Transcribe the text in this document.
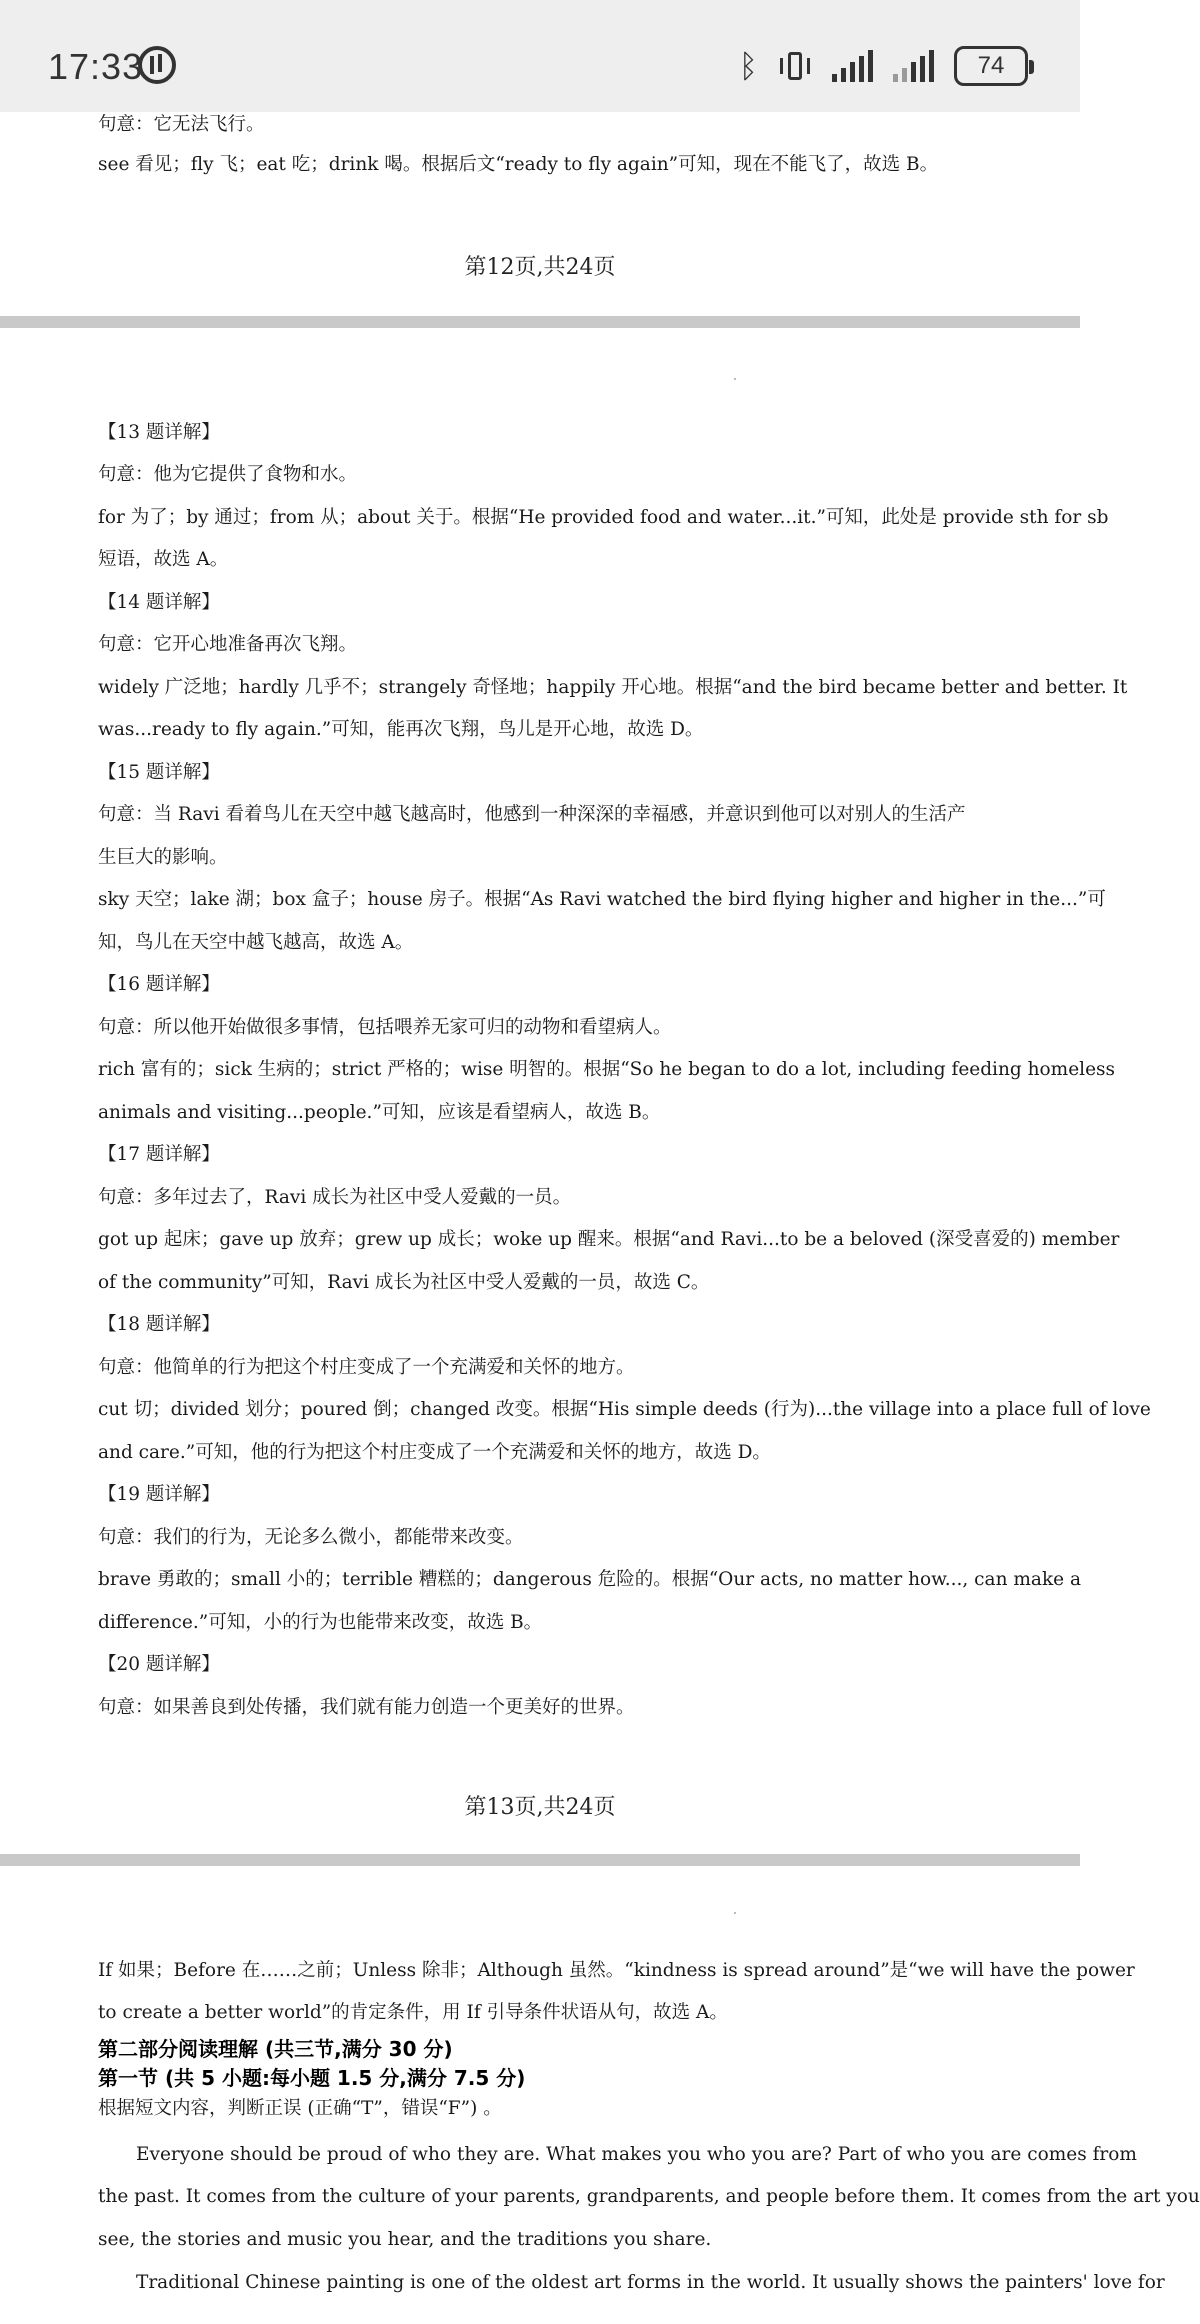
17:33	ᛒ	74
句意：它无法飞行。
see 看见；fly 飞；eat 吃；drink 喝。根据后文“ready to fly again”可知，现在不能飞了，故选 B。
第12页,共24页
【13 题详解】
句意：他为它提供了食物和水。
for 为了；by 通过；from 从；about 关于。根据“He provided food and water...it.”可知，此处是 provide sth for sb
短语，故选 A。
【14 题详解】
句意：它开心地准备再次飞翔。
widely 广泛地；hardly 几乎不；strangely 奇怪地；happily 开心地。根据“and the bird became better and better. It
was...ready to fly again.”可知，能再次飞翔，鸟儿是开心地，故选 D。
【15 题详解】
句意：当 Ravi 看着鸟儿在天空中越飞越高时，他感到一种深深的幸福感，并意识到他可以对别人的生活产
生巨大的影响。
sky 天空；lake 湖；box 盒子；house 房子。根据“As Ravi watched the bird flying higher and higher in the...”可
知，鸟儿在天空中越飞越高，故选 A。
【16 题详解】
句意：所以他开始做很多事情，包括喂养无家可归的动物和看望病人。
rich 富有的；sick 生病的；strict 严格的；wise 明智的。根据“So he began to do a lot, including feeding homeless
animals and visiting...people.”可知，应该是看望病人，故选 B。
【17 题详解】
句意：多年过去了，Ravi 成长为社区中受人爱戴的一员。
got up 起床；gave up 放弃；grew up 成长；woke up 醒来。根据“and Ravi...to be a beloved (深受喜爱的) member
of the community”可知，Ravi 成长为社区中受人爱戴的一员，故选 C。
【18 题详解】
句意：他简单的行为把这个村庄变成了一个充满爱和关怀的地方。
cut 切；divided 划分；poured 倒；changed 改变。根据“His simple deeds (行为)...the village into a place full of love
and care.”可知，他的行为把这个村庄变成了一个充满爱和关怀的地方，故选 D。
【19 题详解】
句意：我们的行为，无论多么微小，都能带来改变。
brave 勇敢的；small 小的；terrible 糟糕的；dangerous 危险的。根据“Our acts, no matter how..., can make a
difference.”可知，小的行为也能带来改变，故选 B。
【20 题详解】
句意：如果善良到处传播，我们就有能力创造一个更美好的世界。
第13页,共24页
If 如果；Before 在……之前；Unless 除非；Although 虽然。“kindness is spread around”是“we will have the power
to create a better world”的肯定条件，用 If 引导条件状语从句，故选 A。
第二部分阅读理解 (共三节,满分 30 分)
第一节 (共 5 小题:每小题 1.5 分,满分 7.5 分)
根据短文内容，判断正误 (正确“T”，错误“F”) 。
Everyone should be proud of who they are. What makes you who you are? Part of who you are comes from
the past. It comes from the culture of your parents, grandparents, and people before them. It comes from the art you
see, the stories and music you hear, and the traditions you share.
Traditional Chinese painting is one of the oldest art forms in the world. It usually shows the painters' love for
